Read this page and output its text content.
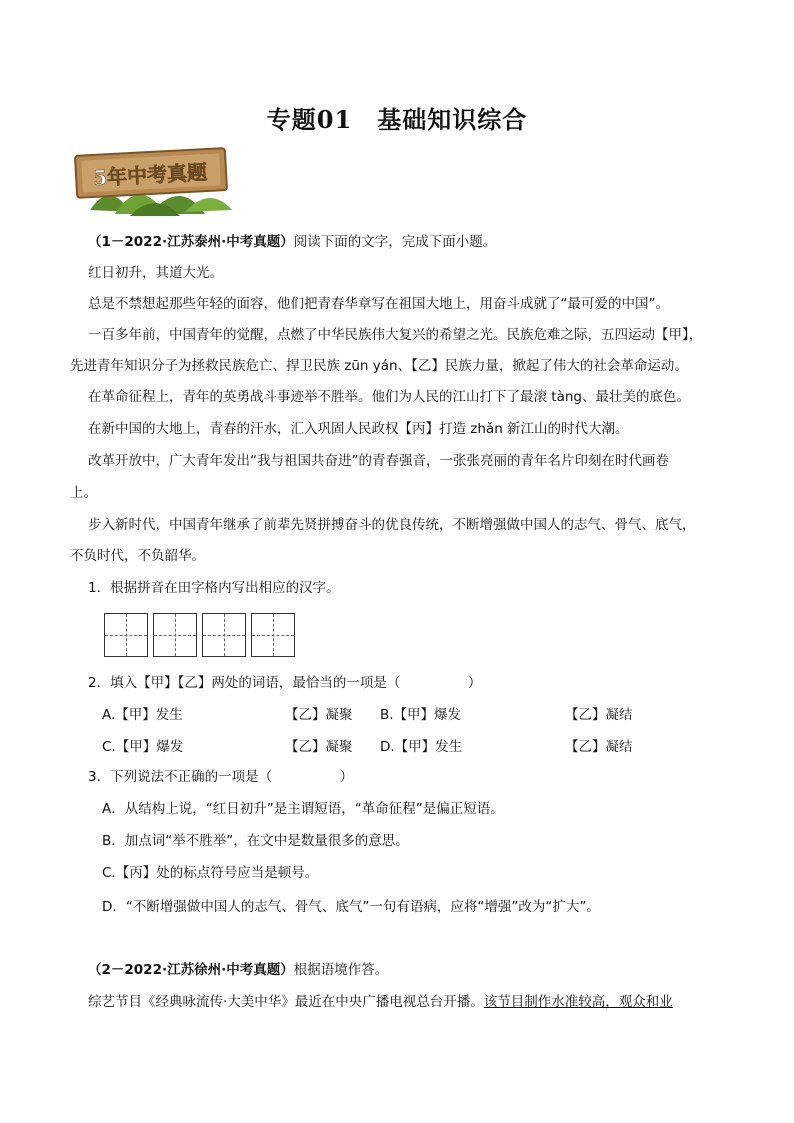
专题01　基础知识综合
5年中考真题
（1－2022·江苏泰州·中考真题）阅读下面的文字，完成下面小题。
红日初升，其道大光。
总是不禁想起那些年轻的面容，他们把青春华章写在祖国大地上，用奋斗成就了“最可爱的中国”。
一百多年前，中国青年的觉醒，点燃了中华民族伟大复兴的希望之光。民族危难之际，五四运动【甲】，
先进青年知识分子为拯救民族危亡、捍卫民族 zūn yán、【乙】民族力量，掀起了伟大的社会革命运动。
在革命征程上，青年的英勇战斗事迹举不胜举。他们为人民的江山打下了最滚 tàng、最壮美的底色。
在新中国的大地上，青春的汗水，汇入巩固人民政权【丙】打造 zhǎn 新江山的时代大潮。
改革开放中，广大青年发出“我与祖国共奋进”的青春强音，一张张亮丽的青年名片印刻在时代画卷
上。
步入新时代，中国青年继承了前辈先贤拼搏奋斗的优良传统，不断增强做中国人的志气、骨气、底气，
不负时代，不负韶华。
1．根据拼音在田字格内写出相应的汉字。
2．填入【甲】【乙】两处的词语，最恰当的一项是（　　　　　）
A.【甲】发生	【乙】凝聚 B.【甲】爆发	【乙】凝结
C.【甲】爆发	【乙】凝聚 D.【甲】发生	【乙】凝结
3．下列说法不正确的一项是（　　　　　）
A．从结构上说，“红日初升”是主谓短语，“革命征程”是偏正短语。
B．加点词“举不胜举”，在文中是数量很多的意思。
C.【丙】处的标点符号应当是顿号。
D．“不断增强做中国人的志气、骨气、底气”一句有语病，应将“增强”改为“扩大”。
（2－2022·江苏徐州·中考真题）根据语境作答。
综艺节目《经典咏流传·大美中华》最近在中央广播电视总台开播。该节目制作水准较高，观众和业
